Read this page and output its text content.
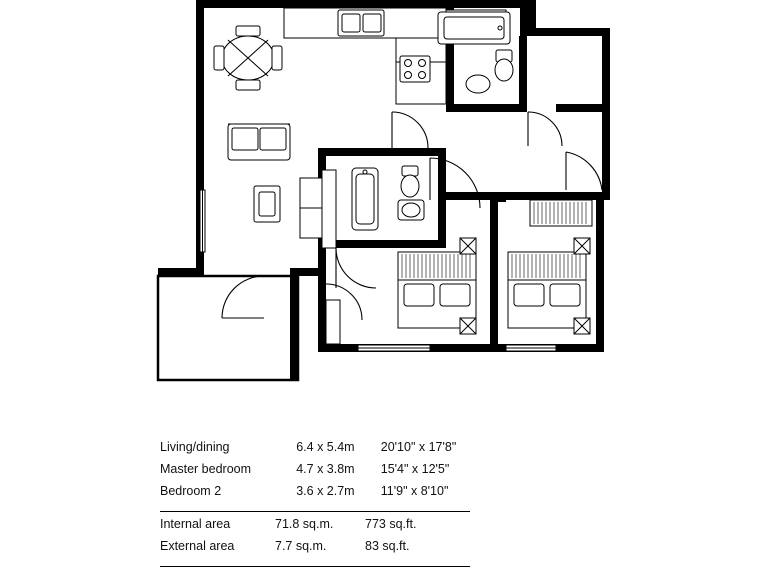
Living/dining	6.4 x 5.4m	20'10" x 17'8"
Master bedroom	4.7 x 3.8m	15'4" x 12'5"
Bedroom 2	3.6 x 2.7m	11'9" x 8'10"
Internal area	71.8 sq.m.	773 sq.ft.
External area	7.7 sq.m.	83 sq.ft.
